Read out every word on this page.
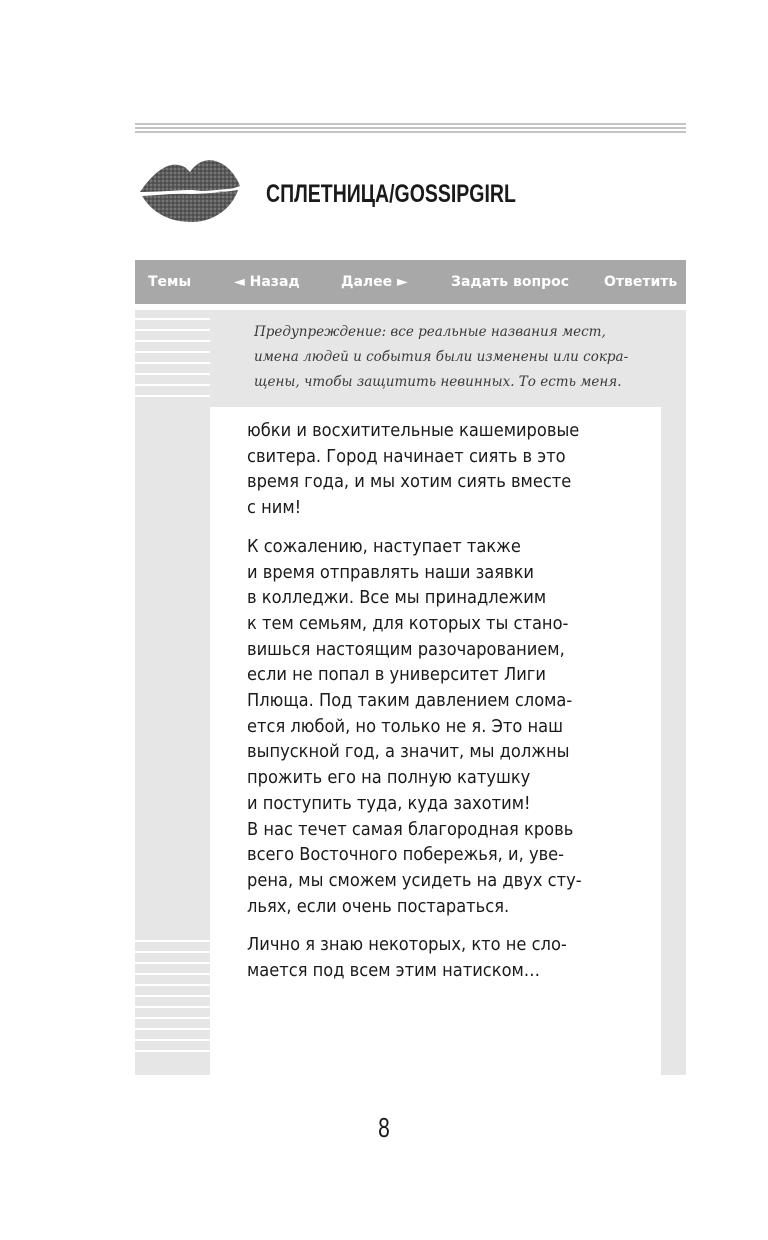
СПЛЕТНИЦА/GOSSIPGIRL
Темы	◄ Назад	Далее ►	Задать вопрос Ответить
Предупреждение: все реальные названия мест,
имена людей и события были изменены или сокра-
щены, чтобы защитить невинных. То есть меня.
юбки и восхитительные кашемировые
свитера. Город начинает сиять в это
время года, и мы хотим сиять вместе
с ним!
К сожалению, наступает также
и время отправлять наши заявки
в колледжи. Все мы принадлежим
к тем семьям, для которых ты стано-
вишься настоящим разочарованием,
если не попал в университет Лиги
Плюща. Под таким давлением слома-
ется любой, но только не я. Это наш
выпускной год, а значит, мы должны
прожить его на полную катушку
и поступить туда, куда захотим!
В нас течет самая благородная кровь
всего Восточного побережья, и, уве-
рена, мы сможем усидеть на двух сту-
льях, если очень постараться.
Лично я знаю некоторых, кто не сло-
мается под всем этим натиском…
8
